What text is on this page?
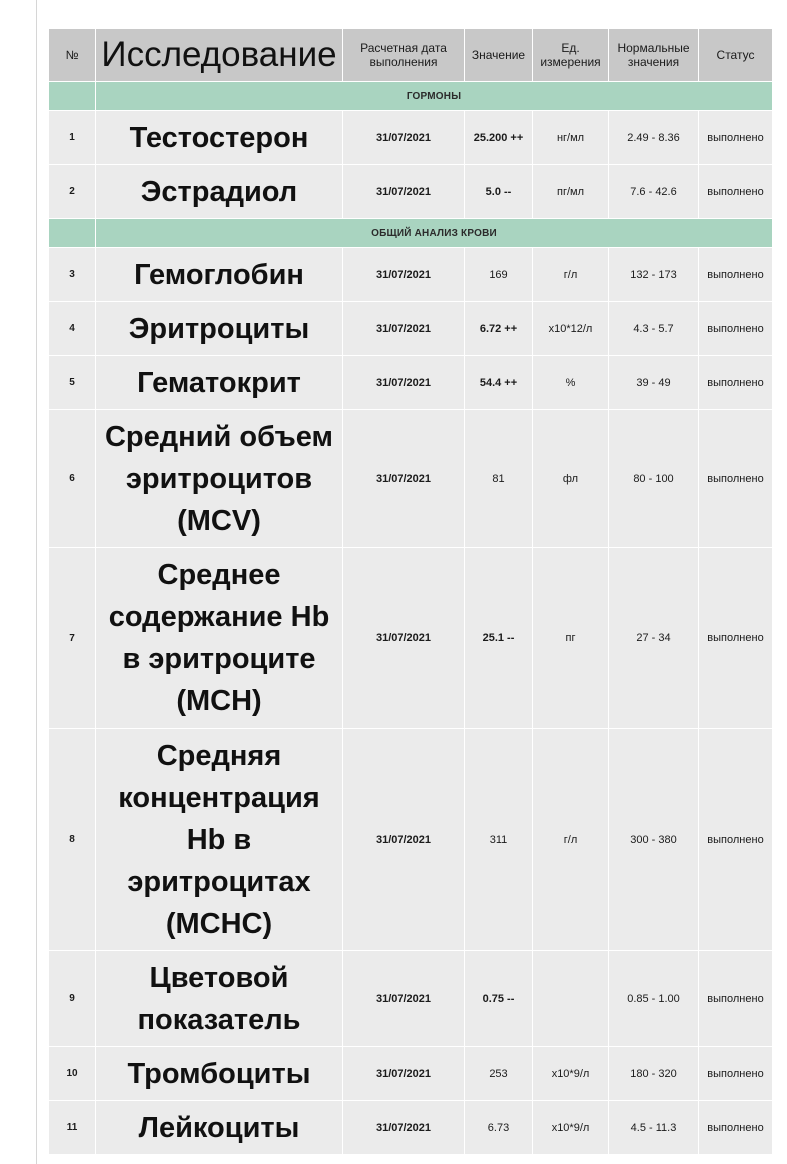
№	Исследование	Расчетная дата выполнения	Значение	Ед. измерения	Нормальные значения	Статус
	ГОРМОНЫ					
1	Тестостерон	31/07/2021	25.200 ++	нг/мл	2.49 - 8.36	выполнено
2	Эстрадиол	31/07/2021	5.0 --	пг/мл	7.6 - 42.6	выполнено
	ОБЩИЙ АНАЛИЗ КРОВИ					
3	Гемоглобин	31/07/2021	169	г/л	132 - 173	выполнено
4	Эритроциты	31/07/2021	6.72 ++	x10*12/л	4.3 - 5.7	выполнено
5	Гематокрит	31/07/2021	54.4 ++	%	39 - 49	выполнено
6	Средний объем эритроцитов (MCV)	31/07/2021	81	фл	80 - 100	выполнено
7	Среднее содержание Hb в эритроците (MCH)	31/07/2021	25.1 --	пг	27 - 34	выполнено
8	Средняя концентрация Hb в эритроцитах (MCHC)	31/07/2021	311	г/л	300 - 380	выполнено
9	Цветовой показатель	31/07/2021	0.75 --		0.85 - 1.00	выполнено
10	Тромбоциты	31/07/2021	253	x10*9/л	180 - 320	выполнено
11	Лейкоциты	31/07/2021	6.73	x10*9/л	4.5 - 11.3	выполнено
